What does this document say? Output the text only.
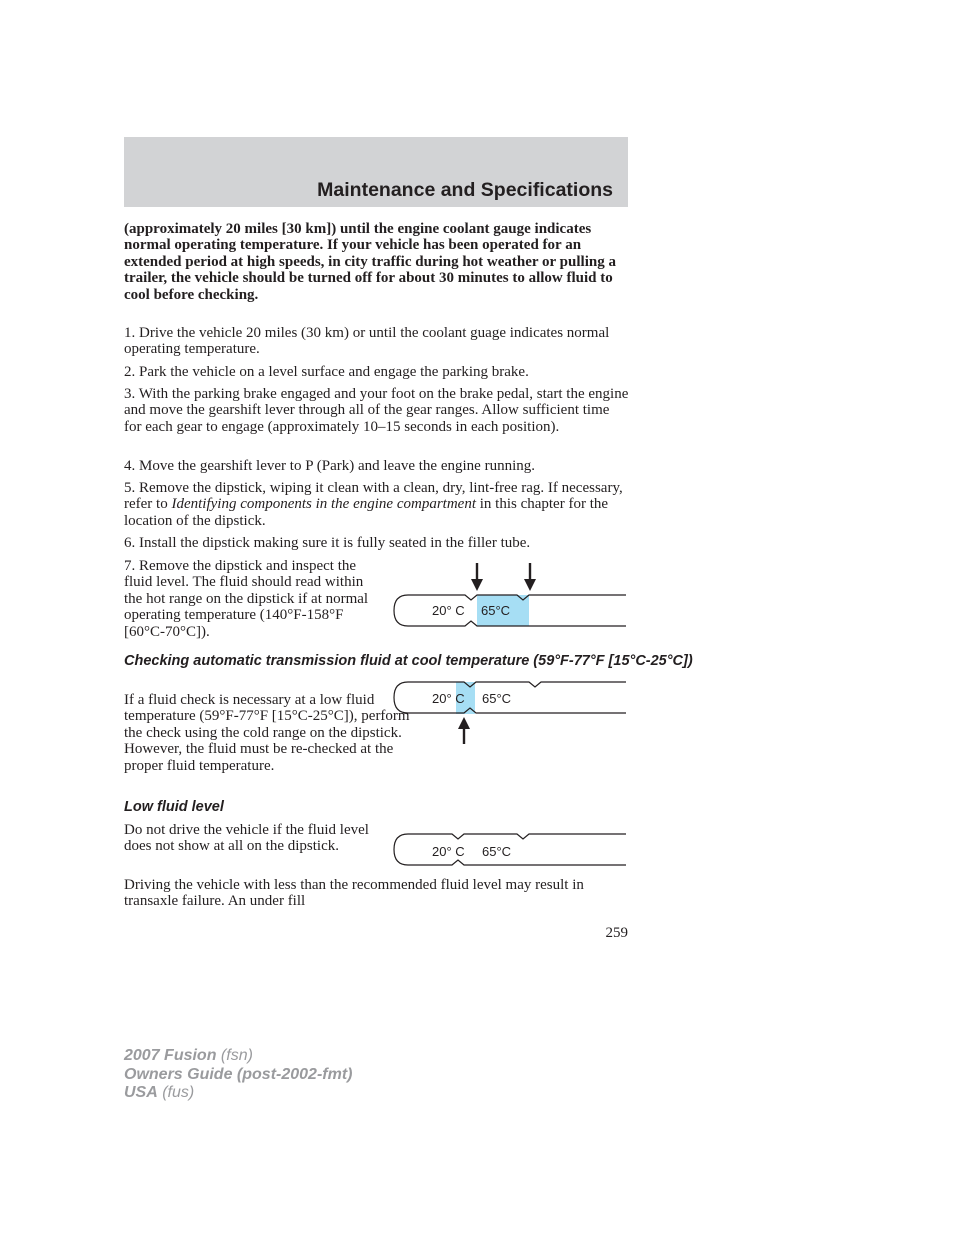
Maintenance and Specifications

(approximately 20 miles [30 km]) until the engine coolant gauge indicates normal operating temperature. If your vehicle has been operated for an extended period at high speeds, in city traffic during hot weather or pulling a trailer, the vehicle should be turned off for about 30 minutes to allow fluid to cool before checking.

1. Drive the vehicle 20 miles (30 km) or until the coolant guage indicates normal operating temperature.

2. Park the vehicle on a level surface and engage the parking brake.

3. With the parking brake engaged and your foot on the brake pedal, start the engine and move the gearshift lever through all of the gear ranges. Allow sufficient time for each gear to engage (approximately 10–15 seconds in each position).

4. Move the gearshift lever to P (Park) and leave the engine running.

5. Remove the dipstick, wiping it clean with a clean, dry, lint-free rag. If necessary, refer to Identifying components in the engine compartment in this chapter for the location of the dipstick.

6. Install the dipstick making sure it is fully seated in the filler tube.

7. Remove the dipstick and inspect the fluid level. The fluid should read within the hot range on the dipstick if at normal operating temperature (140°F-158°F [60°C-70°C]).

20° C 65°C

Checking automatic transmission fluid at cool temperature (59°F-77°F [15°C-25°C])

If a fluid check is necessary at a low fluid temperature (59°F-77°F [15°C-25°C]), perform the check using the cold range on the dipstick. However, the fluid must be re-checked at the proper fluid temperature.

20° C 65°C

Low fluid level

Do not drive the vehicle if the fluid level does not show at all on the dipstick.	20° C 65°C

Driving the vehicle with less than the recommended fluid level may result in transaxle failure. An under fill

259
2007 Fusion (fsn)
Owners Guide (post-2002-fmt)
USA (fus)
